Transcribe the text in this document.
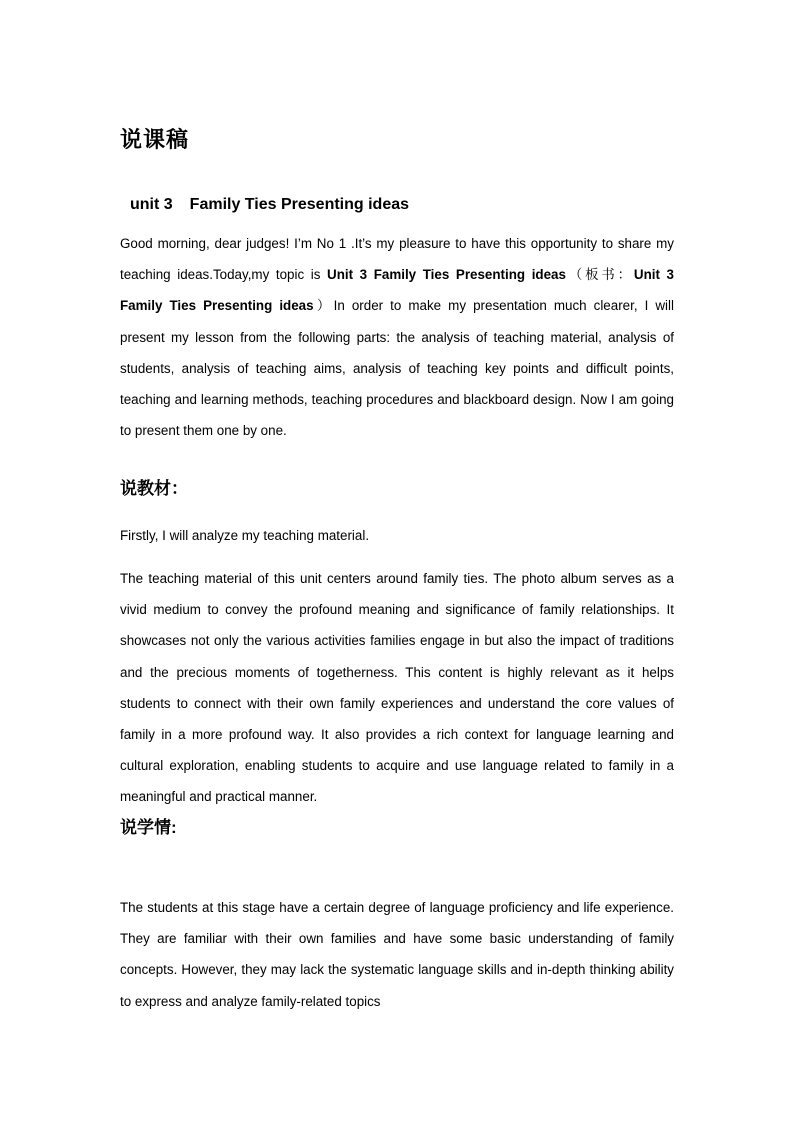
说课稿
unit 3 Family Ties Presenting ideas

Good morning, dear judges! I’m No 1 .It’s my pleasure to have this opportunity to share my teaching ideas.Today,my topic is Unit 3 Family Ties Presenting ideas（板书：Unit 3 Family Ties Presenting ideas）In order to make my presentation much clearer, I will present my lesson from the following parts: the analysis of teaching material, analysis of students, analysis of teaching aims, analysis of teaching key points and difficult points, teaching and learning methods, teaching procedures and blackboard design. Now I am going to present them one by one.

说教材：

Firstly, I will analyze my teaching material.

The teaching material of this unit centers around family ties. The photo album serves as a vivid medium to convey the profound meaning and significance of family relationships. It showcases not only the various activities families engage in but also the impact of traditions and the precious moments of togetherness. This content is highly relevant as it helps students to connect with their own family experiences and understand the core values of family in a more profound way. It also provides a rich context for language learning and cultural exploration, enabling students to acquire and use language related to family in a meaningful and practical manner.

说学情:

The students at this stage have a certain degree of language proficiency and life experience. They are familiar with their own families and have some basic understanding of family concepts. However, they may lack the systematic language skills and in-depth thinking ability to express and analyze family-related topics
